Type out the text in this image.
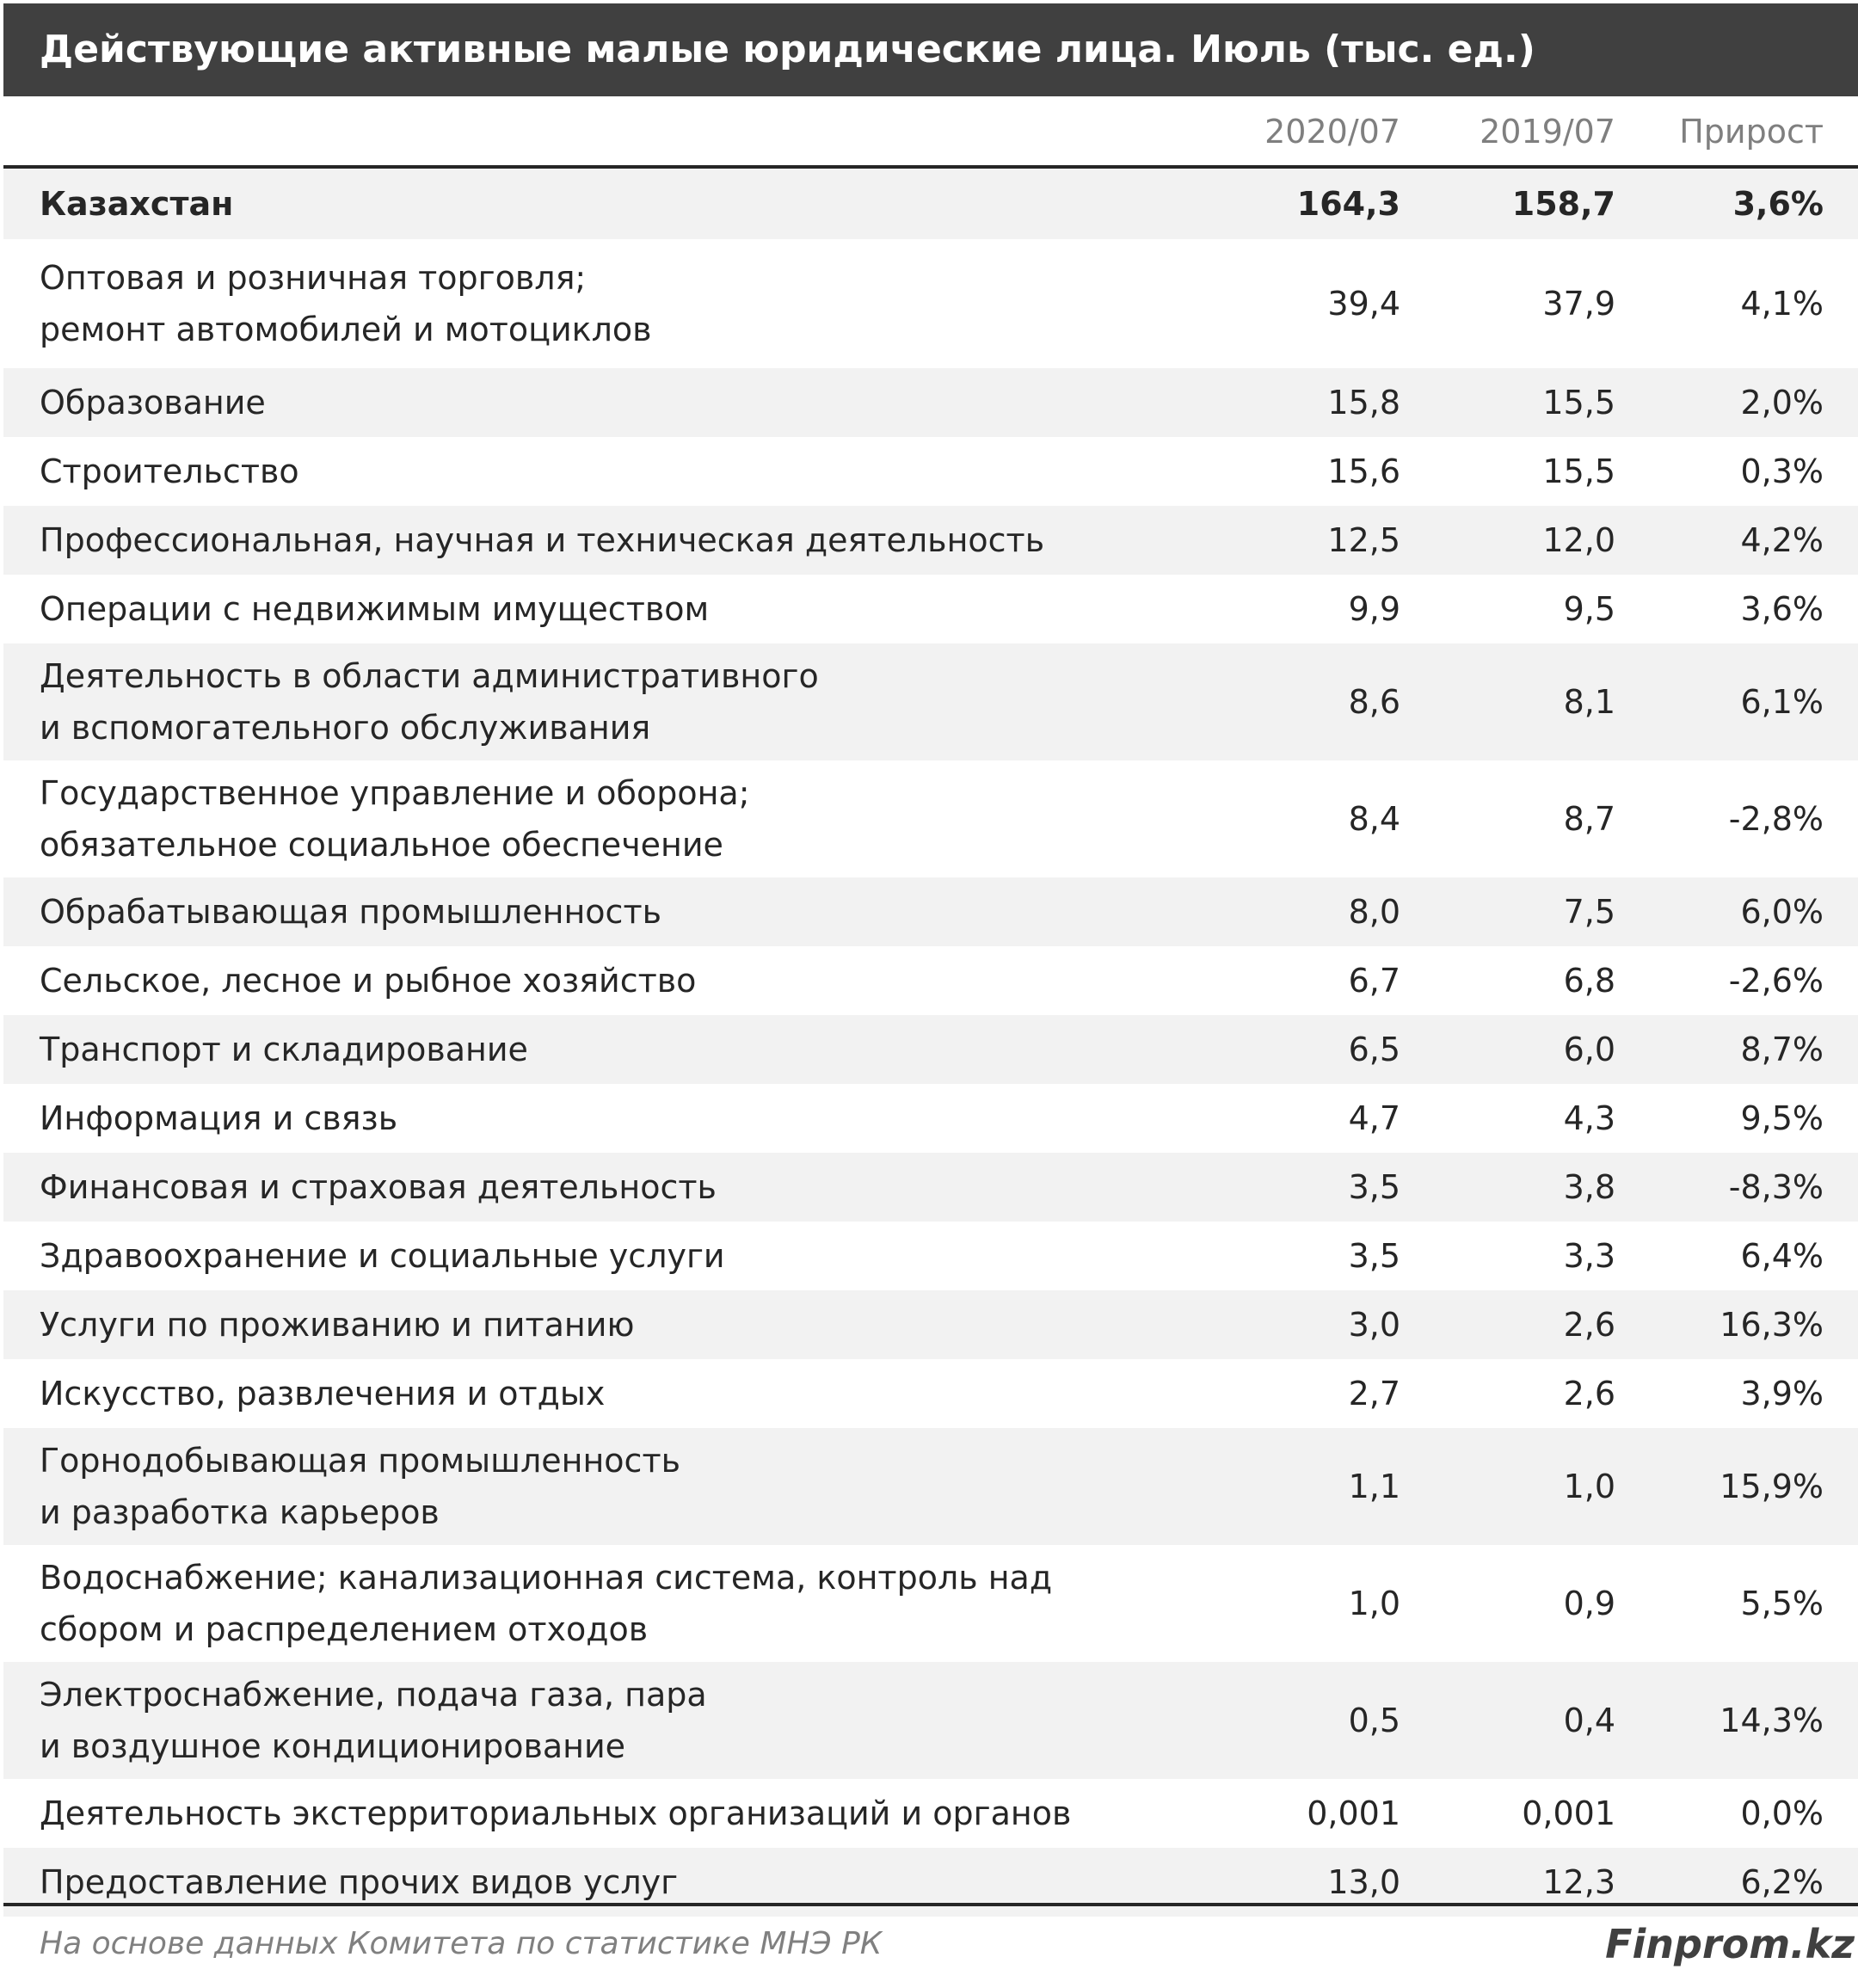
Действующие активные малые юридические лица. Июль (тыс. ед.)
2020/07 2019/07 Прирост
Казахстан	164,3	158,7	3,6%
Оптовая и розничная торговля;
ремонт автомобилей и мотоциклов
39,4	37,9	4,1%
Образование	15,8	15,5	2,0%
Строительство	15,6	15,5	0,3%
Профессиональная, научная и техническая деятельность	12,5	12,0	4,2%
Операции с недвижимым имуществом	9,9	9,5	3,6%
Деятельность в области административного
и вспомогательного обслуживания
8,6	8,1	6,1%
Государственное управление и оборона;
обязательное социальное обеспечение
8,4	8,7	-2,8%
Обрабатывающая промышленность	8,0	7,5	6,0%
Сельское, лесное и рыбное хозяйство	6,7	6,8	-2,6%
Транспорт и складирование	6,5	6,0	8,7%
Информация и связь	4,7	4,3	9,5%
Финансовая и страховая деятельность	3,5	3,8	-8,3%
Здравоохранение и социальные услуги	3,5	3,3	6,4%
Услуги по проживанию и питанию	3,0	2,6	16,3%
Искусство, развлечения и отдых	2,7	2,6	3,9%
Горнодобывающая промышленность
и разработка карьеров
1,1	1,0	15,9%
Водоснабжение; канализационная система, контроль над
сбором и распределением отходов
1,0	0,9	5,5%
Электроснабжение, подача газа, пара
и воздушное кондиционирование
0,5	0,4	14,3%
Деятельность экстерриториальных организаций и органов	0,001	0,001	0,0%
Предоставление прочих видов услуг	13,0	12,3	6,2%
На основе данных Комитета по статистике МНЭ РК	Finprom.kz
